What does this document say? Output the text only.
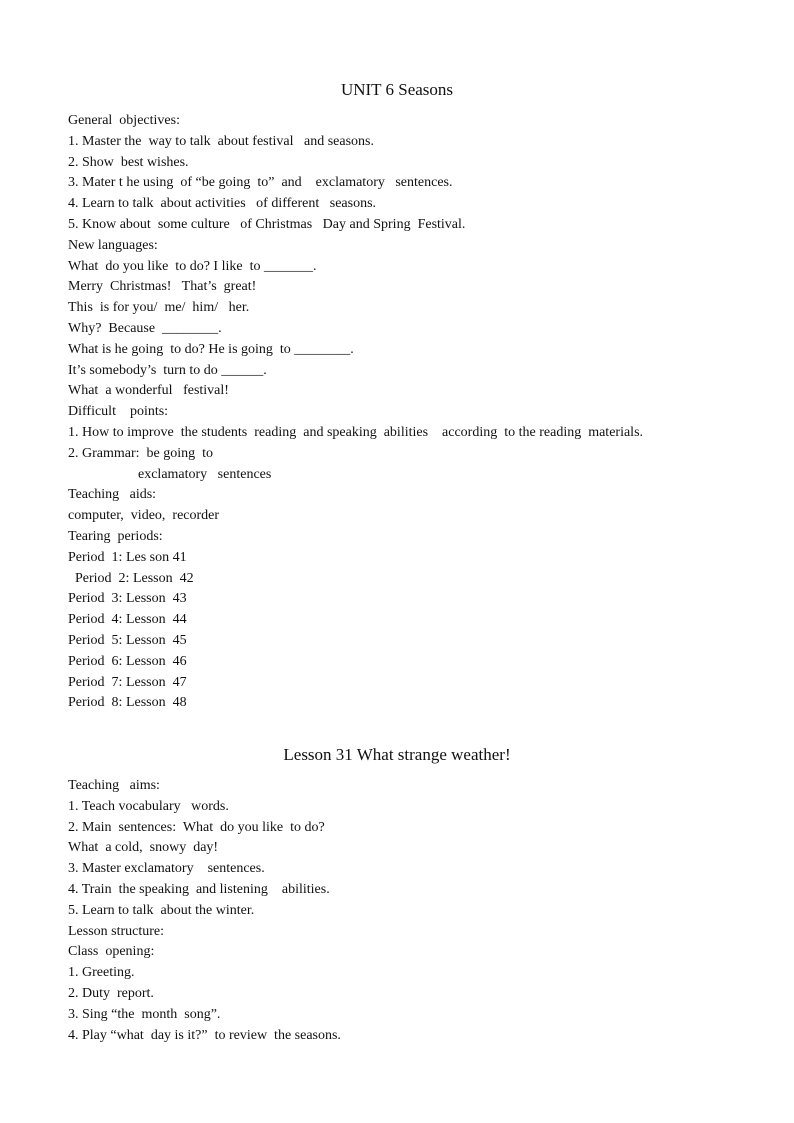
UNIT 6 Seasons
General  objectives:
1. Master the  way to talk  about festival   and seasons.
2. Show  best wishes.
3. Mater t he using  of “be going  to”  and    exclamatory   sentences.
4. Learn to talk  about activities   of different   seasons.
5. Know about  some culture   of Christmas   Day and Spring  Festival.
New languages:
What  do you like  to do? I like  to _______.
Merry  Christmas!   That’s  great!
This  is for you/  me/  him/   her.
Why?  Because  ________.
What is he going  to do? He is going  to ________.
It’s somebody’s  turn to do ______.
What  a wonderful   festival!
Difficult    points:
1. How to improve  the students  reading  and speaking  abilities    according  to the reading  materials.
2. Grammar:  be going  to
exclamatory   sentences
Teaching   aids:
computer,  video,  recorder
Tearing  periods:
Period  1: Les son 41
Period  2: Lesson  42
Period  3: Lesson  43
Period  4: Lesson  44
Period  5: Lesson  45
Period  6: Lesson  46
Period  7: Lesson  47
Period  8: Lesson  48
Lesson 31 What strange weather!
Teaching   aims:
1. Teach vocabulary   words.
2. Main  sentences:  What  do you like  to do?
What  a cold,  snowy  day!
3. Master exclamatory    sentences.
4. Train  the speaking  and listening    abilities.
5. Learn to talk  about the winter.
Lesson structure:
Class  opening:
1. Greeting.
2. Duty  report.
3. Sing “the  month  song”.
4. Play “what  day is it?”  to review  the seasons.
